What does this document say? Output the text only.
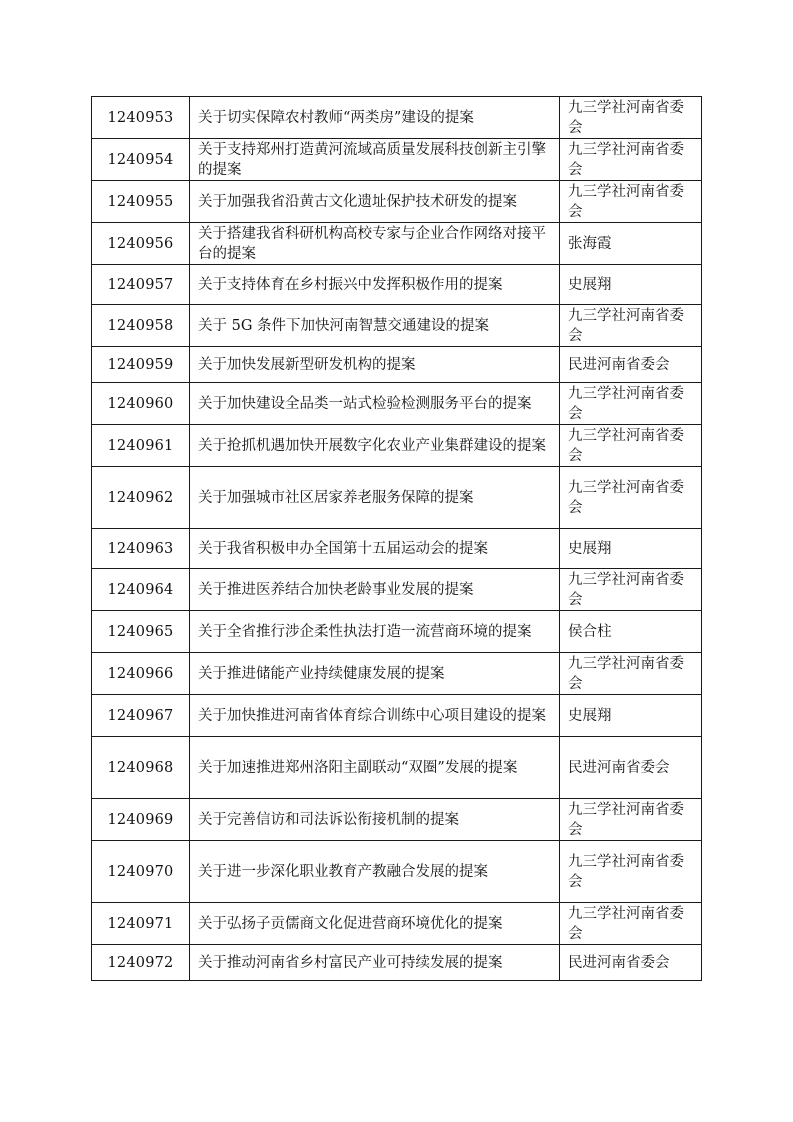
1240953	关于切实保障农村教师“两类房”建设的提案	九三学社河南省委会
1240954	关于支持郑州打造黄河流域高质量发展科技创新主引擎的提案	九三学社河南省委会
1240955	关于加强我省沿黄古文化遗址保护技术研发的提案	九三学社河南省委会
1240956	关于搭建我省科研机构高校专家与企业合作网络对接平台的提案	张海霞
1240957	关于支持体育在乡村振兴中发挥积极作用的提案	史展翔
1240958	关于 5G 条件下加快河南智慧交通建设的提案	九三学社河南省委会
1240959	关于加快发展新型研发机构的提案	民进河南省委会
1240960	关于加快建设全品类一站式检验检测服务平台的提案	九三学社河南省委会
1240961	关于抢抓机遇加快开展数字化农业产业集群建设的提案	九三学社河南省委会
1240962	关于加强城市社区居家养老服务保障的提案	九三学社河南省委会
1240963	关于我省积极申办全国第十五届运动会的提案	史展翔
1240964	关于推进医养结合加快老龄事业发展的提案	九三学社河南省委会
1240965	关于全省推行涉企柔性执法打造一流营商环境的提案	侯合柱
1240966	关于推进储能产业持续健康发展的提案	九三学社河南省委会
1240967	关于加快推进河南省体育综合训练中心项目建设的提案	史展翔
1240968	关于加速推进郑州洛阳主副联动“双圈”发展的提案	民进河南省委会
1240969	关于完善信访和司法诉讼衔接机制的提案	九三学社河南省委会
1240970	关于进一步深化职业教育产教融合发展的提案	九三学社河南省委会
1240971	关于弘扬子贡儒商文化促进营商环境优化的提案	九三学社河南省委会
1240972	关于推动河南省乡村富民产业可持续发展的提案	民进河南省委会
